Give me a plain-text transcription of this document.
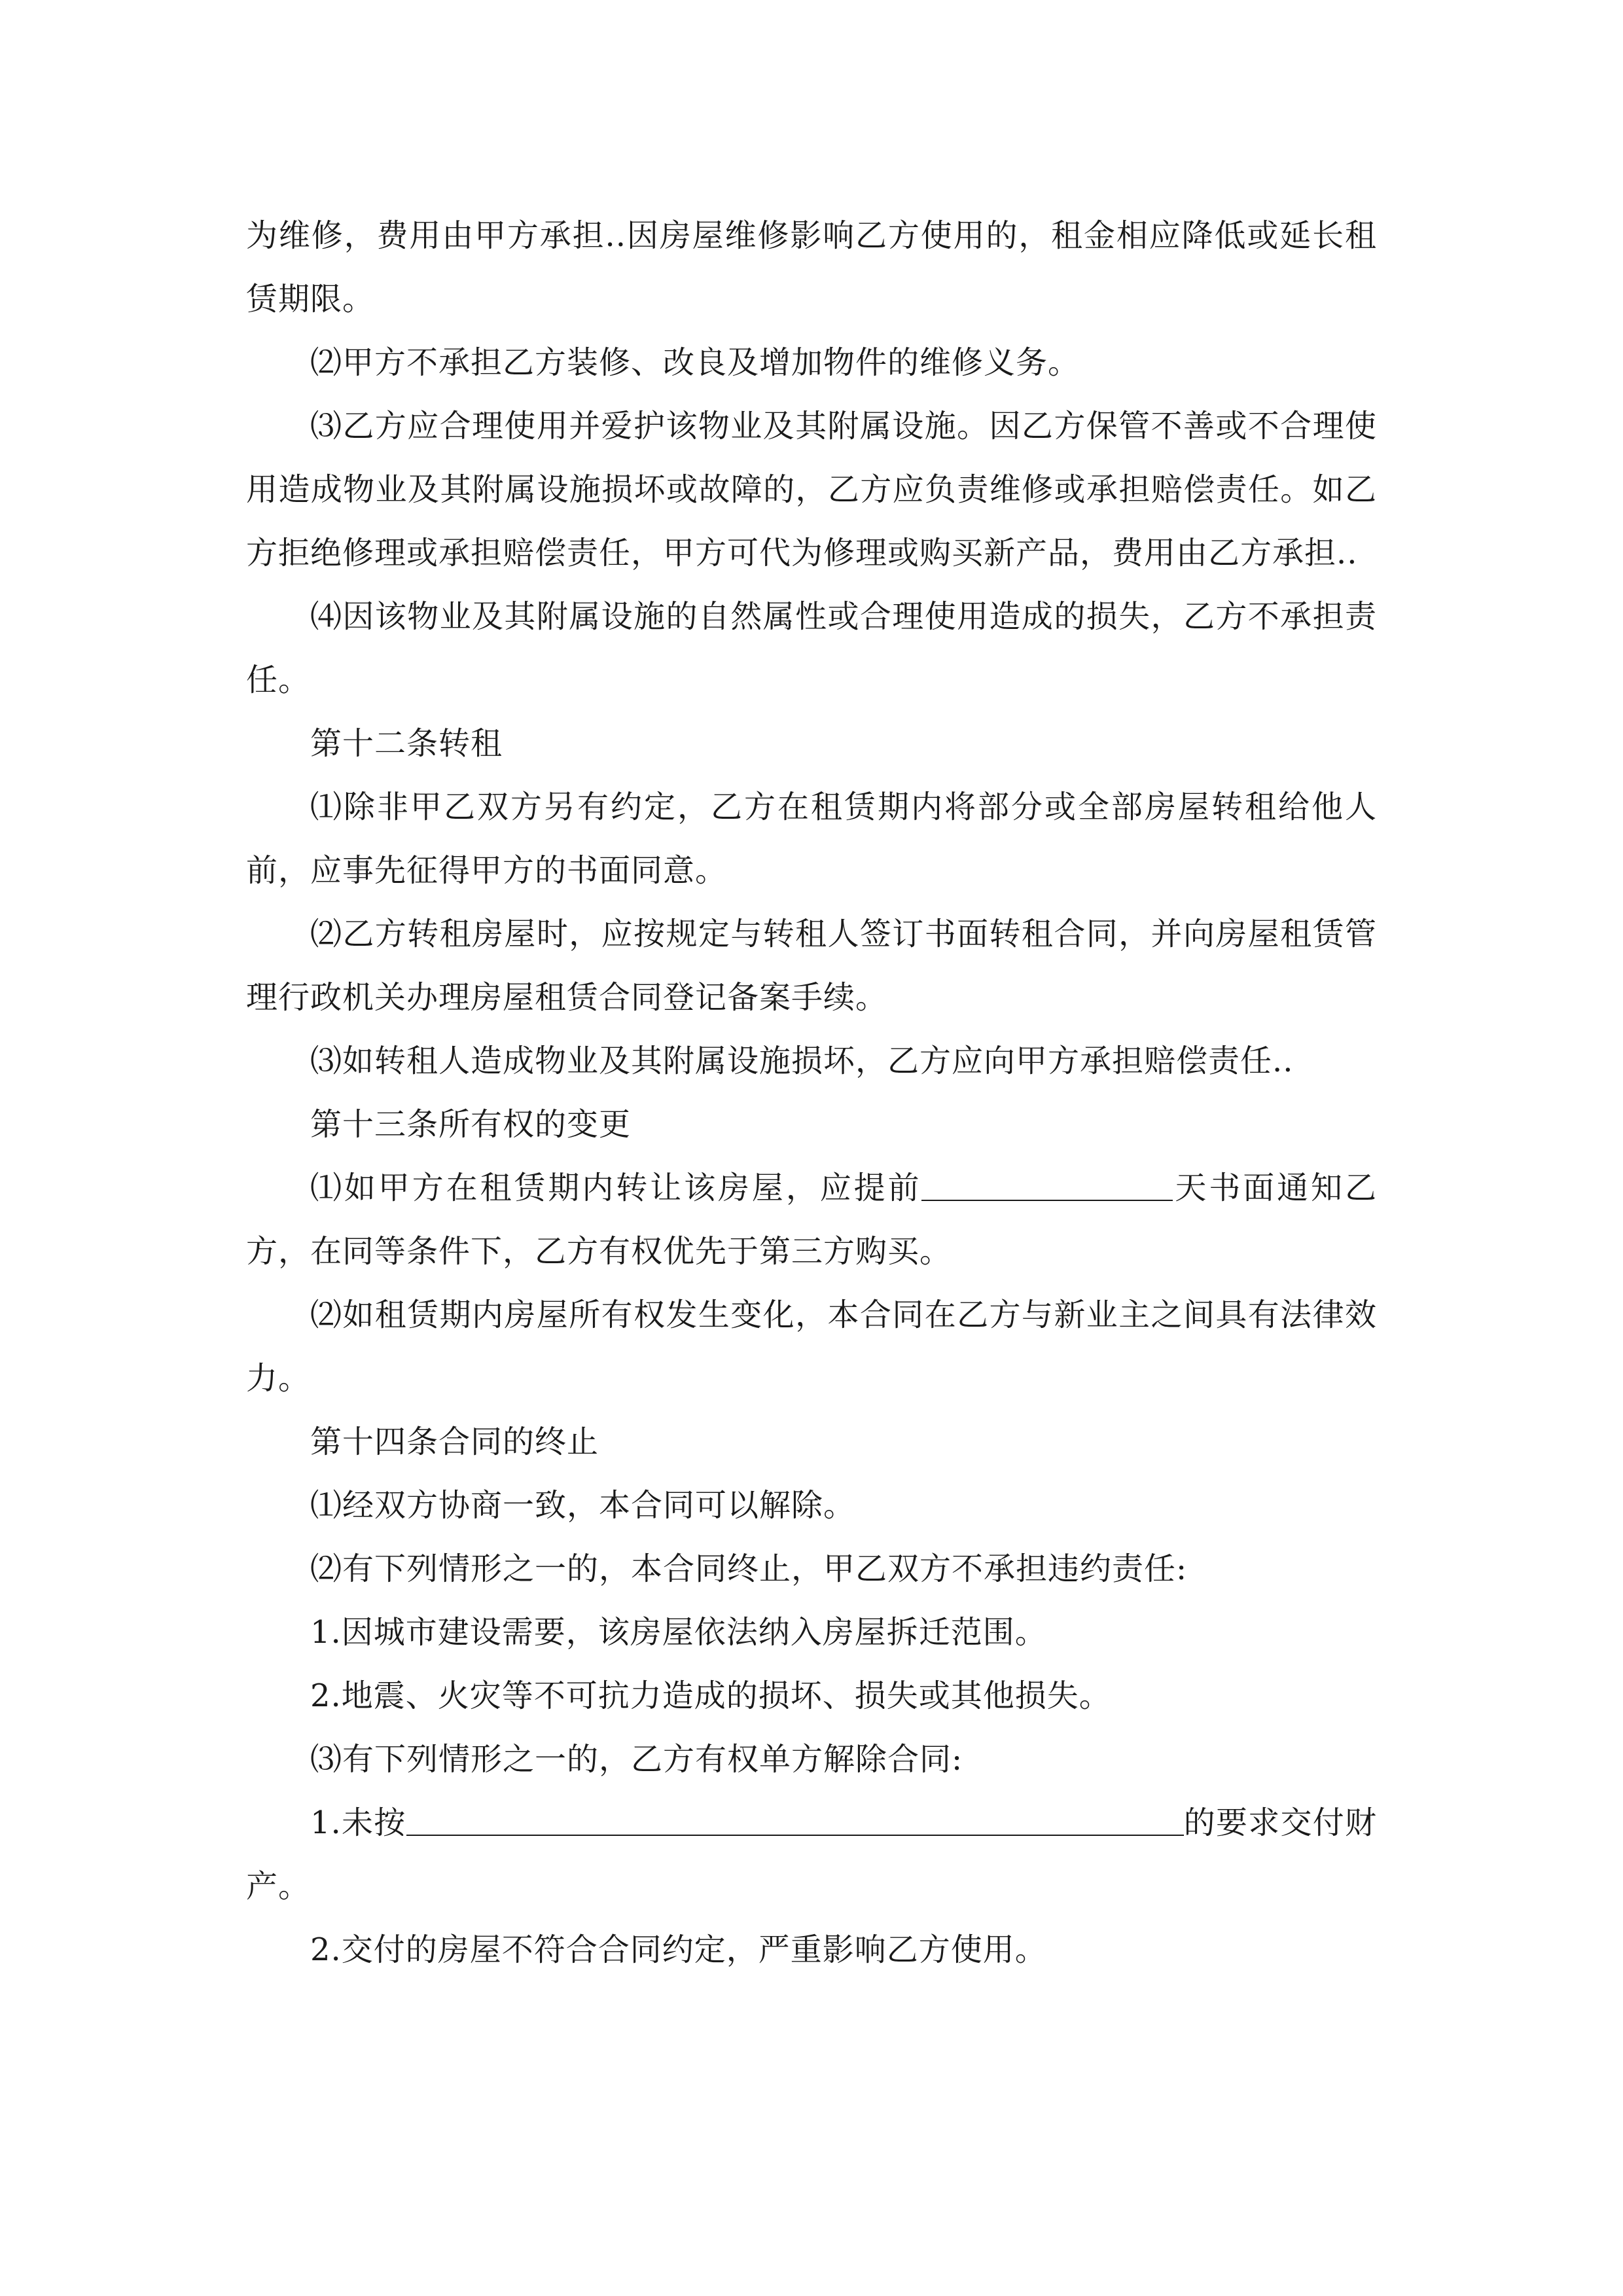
为维修，费用由甲方承担..因房屋维修影响乙方使用的，租金相应降低或延长租赁期限。

⑵甲方不承担乙方装修、改良及增加物件的维修义务。

⑶乙方应合理使用并爱护该物业及其附属设施。因乙方保管不善或不合理使用造成物业及其附属设施损坏或故障的，乙方应负责维修或承担赔偿责任。如乙方拒绝修理或承担赔偿责任，甲方可代为修理或购买新产品，费用由乙方承担..

⑷因该物业及其附属设施的自然属性或合理使用造成的损失，乙方不承担责任。

第十二条转租

⑴除非甲乙双方另有约定，乙方在租赁期内将部分或全部房屋转租给他人前，应事先征得甲方的书面同意。

⑵乙方转租房屋时，应按规定与转租人签订书面转租合同，并向房屋租赁管理行政机关办理房屋租赁合同登记备案手续。

⑶如转租人造成物业及其附属设施损坏，乙方应向甲方承担赔偿责任..

第十三条所有权的变更

⑴如甲方在租赁期内转让该房屋，应提前	天书面通知乙方，在同等条件下，乙方有权优先于第三方购买。

⑵如租赁期内房屋所有权发生变化，本合同在乙方与新业主之间具有法律效力。

第十四条合同的终止

⑴经双方协商一致，本合同可以解除。

⑵有下列情形之一的，本合同终止，甲乙双方不承担违约责任:

1.因城市建设需要，该房屋依法纳入房屋拆迁范围。

2.地震、火灾等不可抗力造成的损坏、损失或其他损失。

⑶有下列情形之一的，乙方有权单方解除合同:

1.未按	的要求交付财产。

2.交付的房屋不符合合同约定，严重影响乙方使用。
